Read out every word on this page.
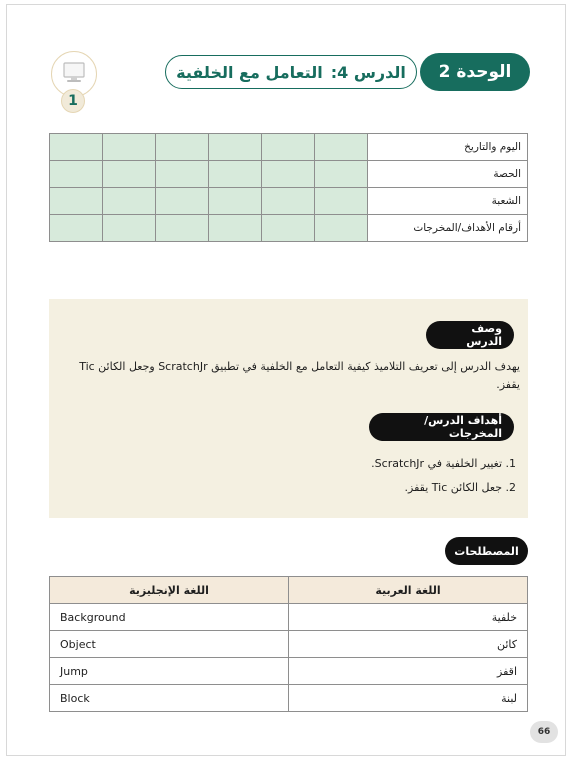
الوحدة 2
الدرس 4:
التعامل مع الخلفية
1
						اليوم والتاريخ
						الحصة
						الشعبة
						أرقام الأهداف/المخرجات
وصف الدرس
يهدف الدرس إلى تعريف التلاميذ كيفية التعامل مع الخلفية في تطبيق ScratchJr وجعل الكائن Tic يقفز.
أهداف الدرس/المخرجات
1. تغيير الخلفية في ScratchJr.
2. جعل الكائن Tic يقفز.
المصطلحات
اللغة الإنجليزية	اللغة العربية
Background	خلفية
Object	كائن
Jump	اقفز
Block	لبنة
66
